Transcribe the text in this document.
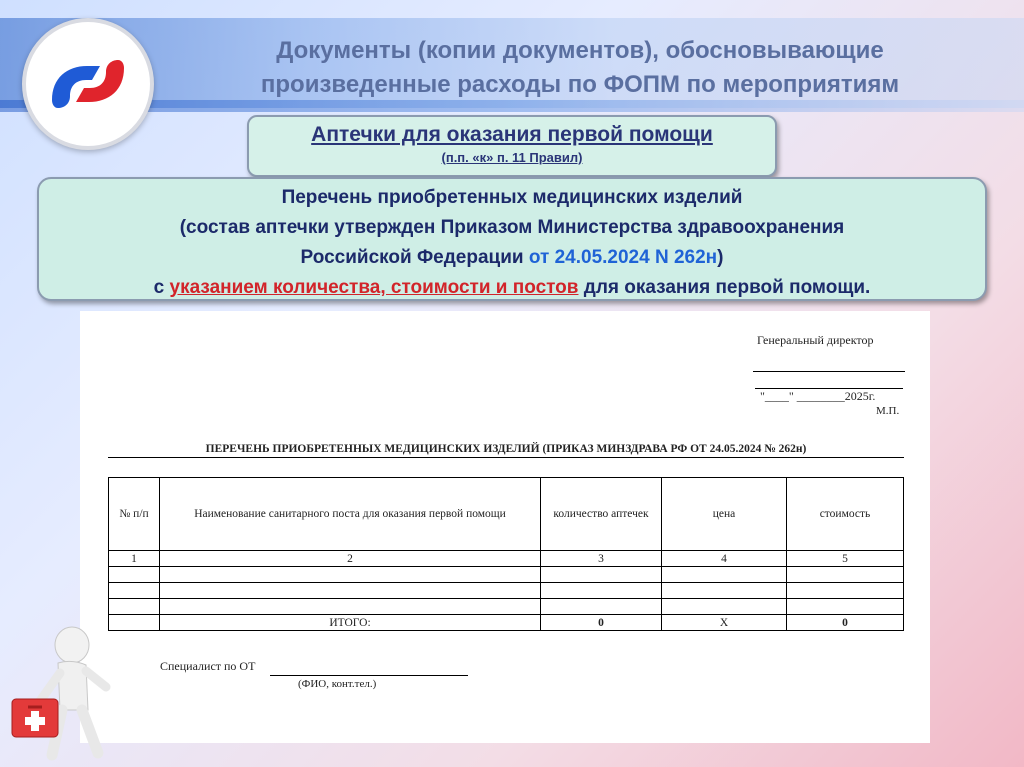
Документы (копии документов), обосновывающие
произведенные расходы по ФОПМ по мероприятиям
Аптечки для оказания первой помощи
(п.п. «к» п. 11 Правил)
Перечень приобретенных медицинских изделий
(состав аптечки утвержден Приказом Министерства здравоохранения
Российской Федерации от 24.05.2024 N 262н)
с указанием количества, стоимости и постов для оказания первой помощи.
Генеральный директор
"____" ________2025г.
М.П.
ПЕРЕЧЕНЬ ПРИОБРЕТЕННЫХ МЕДИЦИНСКИХ ИЗДЕЛИЙ (ПРИКАЗ МИНЗДРАВА РФ ОТ 24.05.2024 № 262н)
№ п/п	Наименование санитарного поста для оказания первой помощи	количество аптечек	цена	стоимость
1	2	3	4	5

	ИТОГО:	0	Х	0
Специалист по ОТ
(ФИО, конт.тел.)
